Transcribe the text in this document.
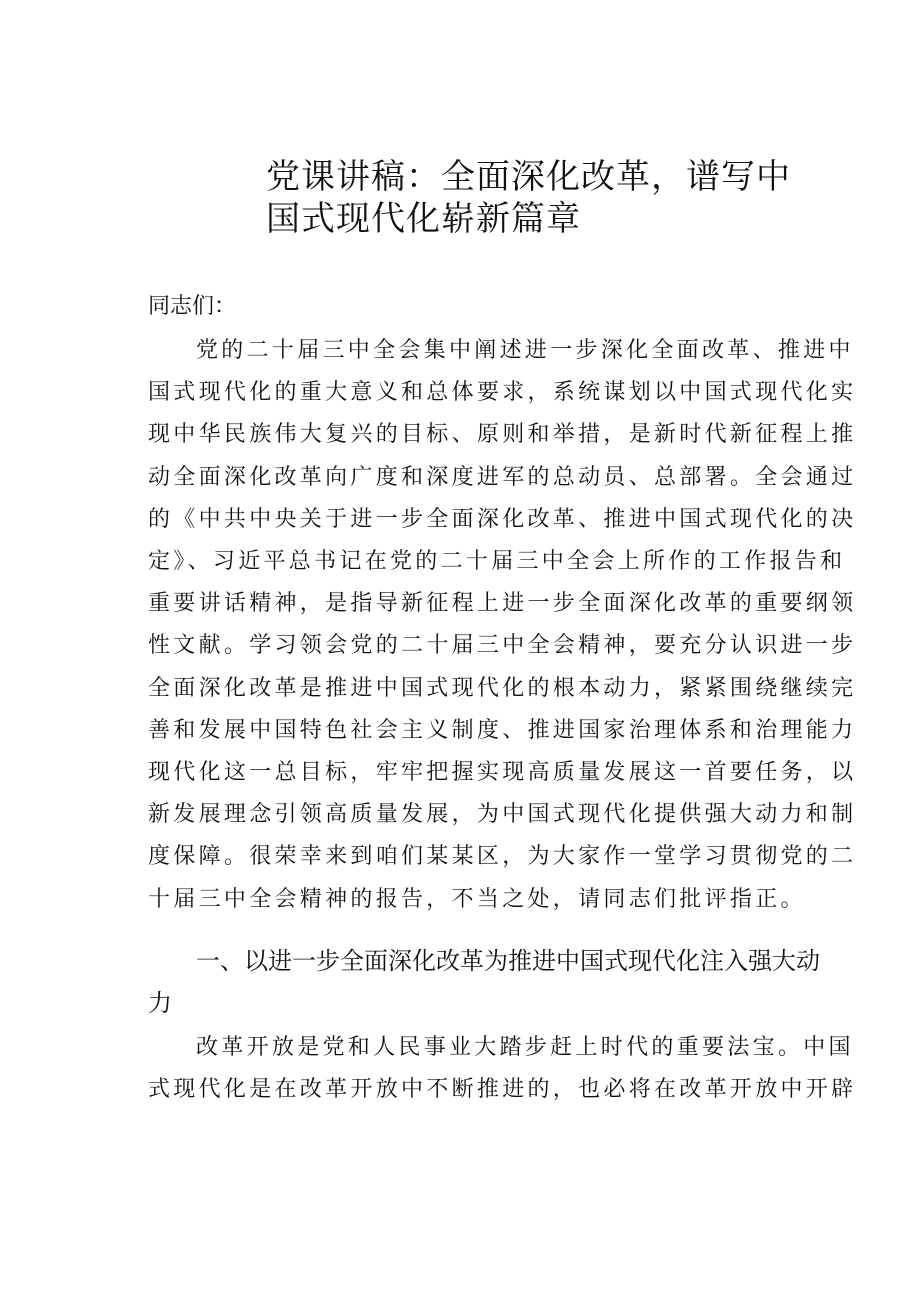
党课讲稿：全面深化改革，谱写中
国式现代化崭新篇章
同志们：
党的二十届三中全会集中阐述进一步深化全面改革、推进中
国式现代化的重大意义和总体要求，系统谋划以中国式现代化实
现中华民族伟大复兴的目标、原则和举措，是新时代新征程上推
动全面深化改革向广度和深度进军的总动员、总部署。全会通过
的《中共中央关于进一步全面深化改革、推进中国式现代化的决
定》、习近平总书记在党的二十届三中全会上所作的工作报告和
重要讲话精神，是指导新征程上进一步全面深化改革的重要纲领
性文献。学习领会党的二十届三中全会精神，要充分认识进一步
全面深化改革是推进中国式现代化的根本动力，紧紧围绕继续完
善和发展中国特色社会主义制度、推进国家治理体系和治理能力
现代化这一总目标，牢牢把握实现高质量发展这一首要任务，以
新发展理念引领高质量发展，为中国式现代化提供强大动力和制
度保障。很荣幸来到咱们某某区，为大家作一堂学习贯彻党的二
十届三中全会精神的报告，不当之处，请同志们批评指正。
一、以进一步全面深化改革为推进中国式现代化注入强大动
力
改革开放是党和人民事业大踏步赶上时代的重要法宝。中国
式现代化是在改革开放中不断推进的，也必将在改革开放中开辟
